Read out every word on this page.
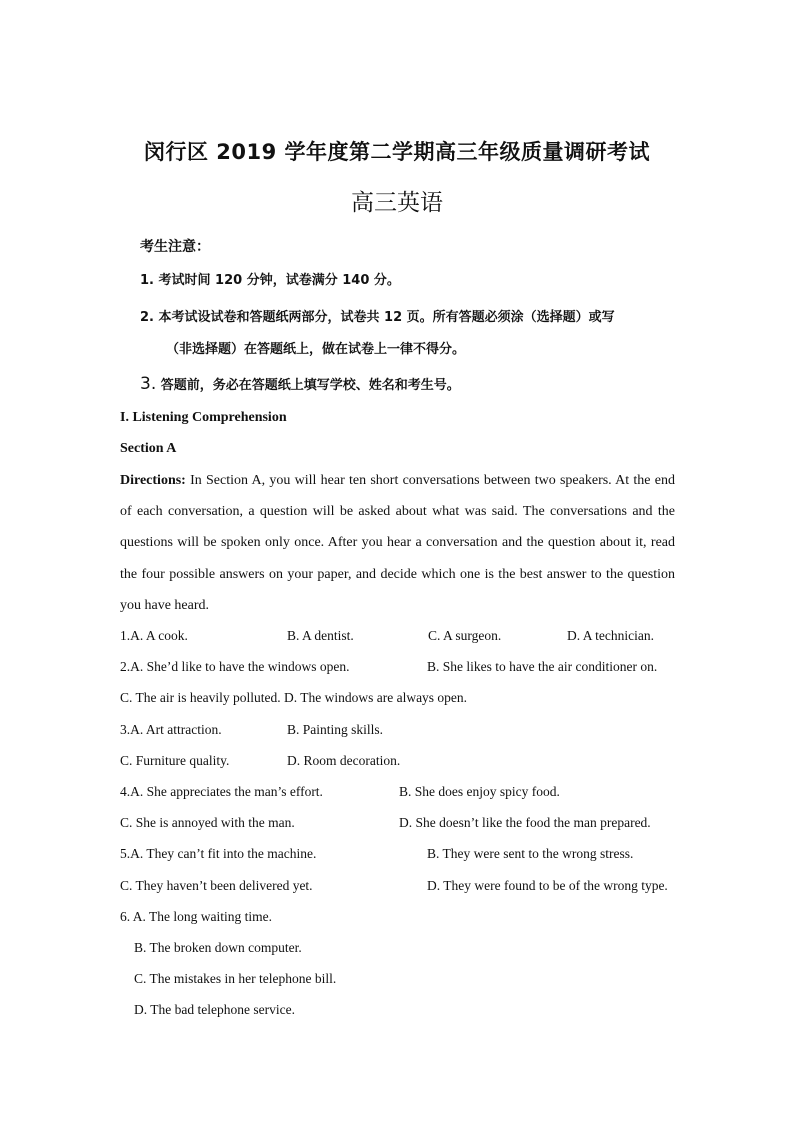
闵行区 2019 学年度第二学期高三年级质量调研考试
高三英语
考生注意：
1. 考试时间 120 分钟，试卷满分 140 分。
2. 本考试设试卷和答题纸两部分，试卷共 12 页。所有答题必须涂（选择题）或写
（非选择题）在答题纸上，做在试卷上一律不得分。
3. 答题前，务必在答题纸上填写学校、姓名和考生号。
I. Listening Comprehension
Section A
Directions: In Section A, you will hear ten short conversations between two speakers. At the end of each conversation, a question will be asked about what was said. The conversations and the questions will be spoken only once. After you hear a conversation and the question about it, read the four possible answers on your paper, and decide which one is the best answer to the question you have heard.
1.A. A cook.	B. A dentist.	C. A surgeon.	D. A technician.
2.A. She’d like to have the windows open.	B. She likes to have the air conditioner on.
C. The air is heavily polluted. D. The windows are always open.
3.A. Art attraction.	B. Painting skills.
C. Furniture quality.	D. Room decoration.
4.A. She appreciates the man’s effort.	B. She does enjoy spicy food.
C. She is annoyed with the man.	D. She doesn’t like the food the man prepared.
5.A. They can’t fit into the machine.	B. They were sent to the wrong stress.
C. They haven’t been delivered yet.	D. They were found to be of the wrong type.
6. A. The long waiting time.
B. The broken down computer.
C. The mistakes in her telephone bill.
D. The bad telephone service.
